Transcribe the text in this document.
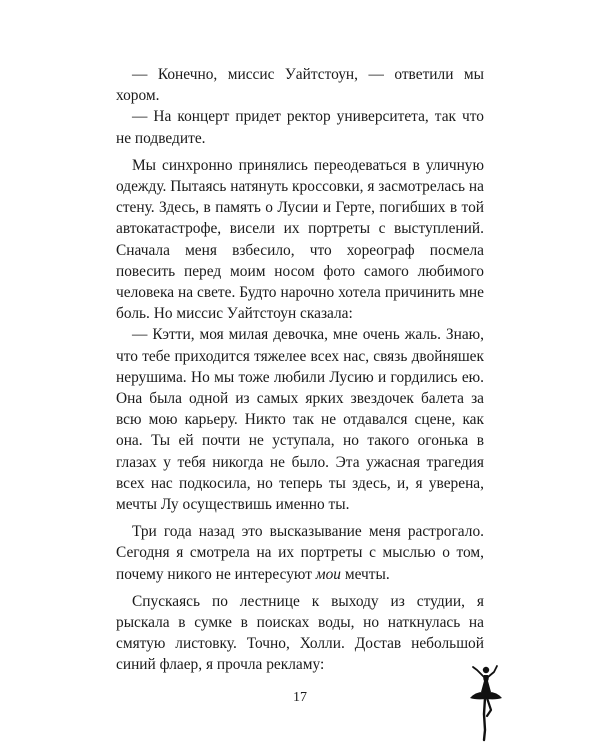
— Конечно, миссис Уайтстоун, — ответили мы хором.

— На концерт придет ректор университета, так что не подведите.

Мы синхронно принялись переодеваться в уличную одежду. Пытаясь натянуть кроссовки, я засмотрелась на стену. Здесь, в память о Лусии и Герте, погибших в той автокатастрофе, висели их портреты с выступлений. Сначала меня взбесило, что хореограф посмела повесить перед моим носом фото самого любимого человека на свете. Будто нарочно хотела причинить мне боль. Но миссис Уайтстоун сказала:

— Кэтти, моя милая девочка, мне очень жаль. Знаю, что тебе приходится тяжелее всех нас, связь двойняшек нерушима. Но мы тоже любили Лусию и гордились ею. Она была одной из самых ярких звездочек балета за всю мою карьеру. Никто так не отдавался сцене, как она. Ты ей почти не уступала, но такого огонька в глазах у тебя никогда не было. Эта ужасная трагедия всех нас подкосила, но теперь ты здесь, и, я уверена, мечты Лу осуществишь именно ты.

Три года назад это высказывание меня растрогало. Сегодня я смотрела на их портреты с мыслью о том, почему никого не интересуют мои мечты.

Спускаясь по лестнице к выходу из студии, я рыскала в сумке в поисках воды, но наткнулась на смятую листовку. Точно, Холли. Достав небольшой синий флаер, я прочла рекламу:

17
